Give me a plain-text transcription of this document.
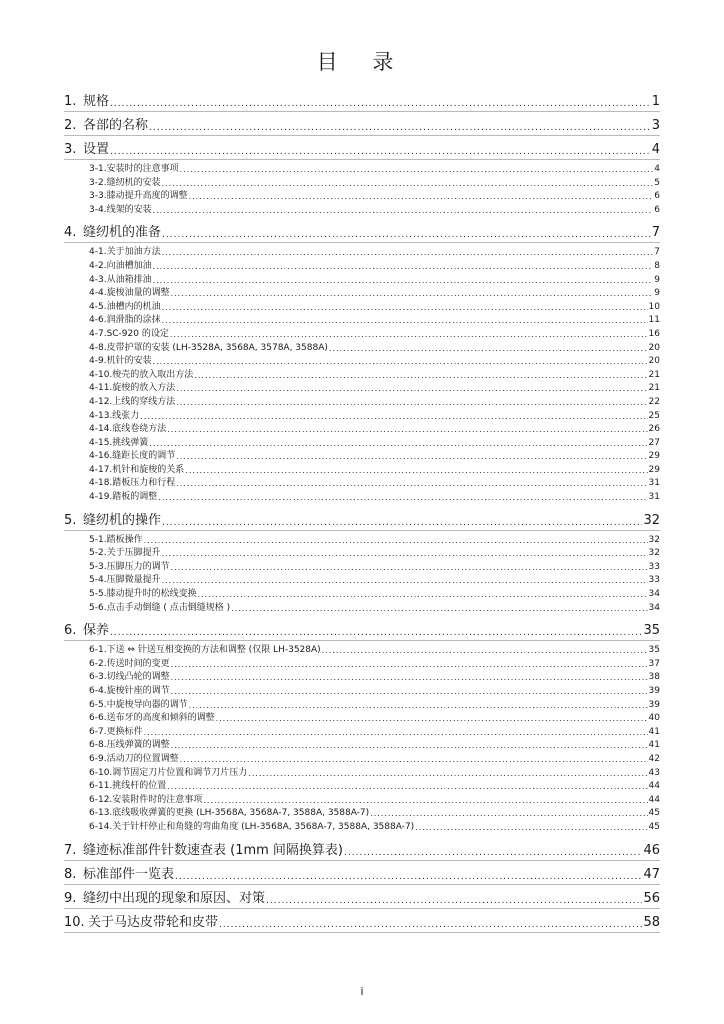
目 录
1. 规格 .....	1
2. 各部的名称 .....	3
3. 设置 .....	4
3-1. 安装时的注意事项 .....	4
3-2. 缝纫机的安装 .....	5
3-3. 膝动提升高度的调整 .....	6
3-4. 线架的安装 .....	6
4. 缝纫机的准备 .....	7
4-1. 关于加油方法 .....	7
4-2. 向油槽加油 .....	8
4-3. 从油箱排油 .....	9
4-4. 旋梭油量的调整 .....	9
4-5. 油槽内的机油 .....	10
4-6. 润滑脂的涂抹 .....	11
4-7. SC-920 的设定 .....	16
4-8. 皮带护罩的安装 (LH-3528A, 3568A, 3578A, 3588A) .....	20
4-9. 机针的安装 .....	20
4-10. 梭壳的放入取出方法 .....	21
4-11. 旋梭的放入方法 .....	21
4-12. 上线的穿线方法 .....	22
4-13. 线张力 .....	25
4-14. 底线卷绕方法 .....	26
4-15. 挑线弹簧 .....	27
4-16. 缝距长度的调节 .....	29
4-17. 机针和旋梭的关系 .....	29
4-18. 踏板压力和行程 .....	31
4-19. 踏板的调整 .....	31
5. 缝纫机的操作 .....	32
5-1. 踏板操作 .....	32
5-2. 关于压脚提升 .....	32
5-3. 压脚压力的调节 .....	33
5-4. 压脚微量提升 .....	33
5-5. 膝动提升时的松线变换 .....	34
5-6. 点击手动倒缝 ( 点击倒缝规格 ) .....	34
6. 保养 .....	35
6-1. 下送 ⇔ 针送互相变换的方法和调整 (仅限 LH-3528A) .....	35
6-2. 传送时间的变更 .....	37
6-3. 切线凸轮的调整 .....	38
6-4. 旋梭针座的调节 .....	39
6-5. 中旋梭导向器的调节 .....	39
6-6. 送布牙的高度和倾斜的调整 .....	40
6-7. 更换标件 .....	41
6-8. 压线弹簧的调整 .....	41
6-9. 活动刀的位置调整 .....	42
6-10. 调节固定刀片位置和调节刀片压力 .....	43
6-11. 挑线杆的位置 .....	44
6-12. 安装附件时的注意事项 .....	44
6-13. 底线吸收弹簧的更换 (LH-3568A, 3568A-7, 3588A, 3588A-7) .....	45
6-14. 关于针杆停止和角缝的弯曲角度 (LH-3568A, 3568A-7, 3588A, 3588A-7) .....	45
7. 缝迹标准部件针数速查表 (1mm 间隔换算表) .....	46
8. 标准部件一览表 .....	47
9. 缝纫中出现的现象和原因、对策 .....	56
10. 关于马达皮带轮和皮带 .....	58
i
